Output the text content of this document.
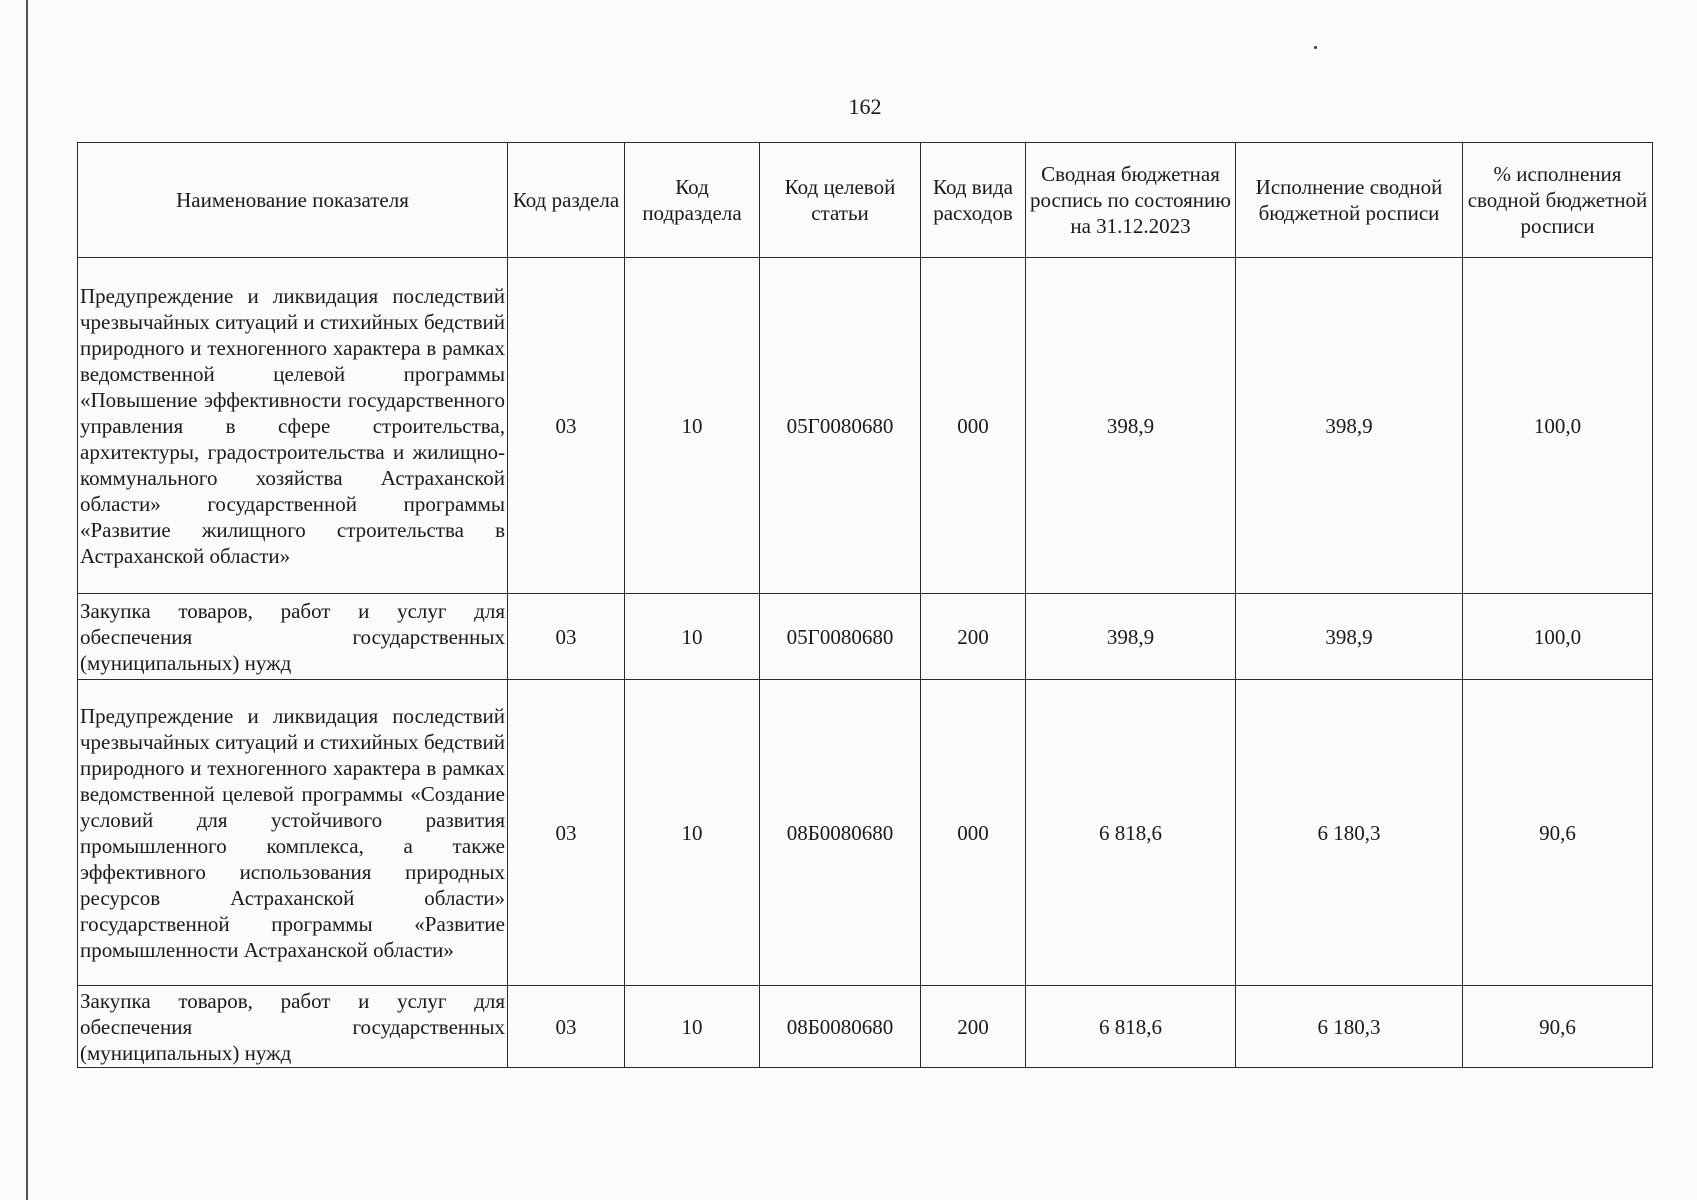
162
Наименование показателя	Код раздела	Код подраздела	Код целевой статьи	Код вида расходов	Сводная бюджетная роспись по состоянию на 31.12.2023	Исполнение сводной бюджетной росписи	% исполнения сводной бюджетной росписи
Предупреждение и ликвидация последствий чрезвычайных ситуаций и стихийных бедствий природного и техногенного характера в рамках ведомственной целевой программы «Повышение эффективности государственного управления в сфере строительства, архитектуры, градостроительства и жилищно-коммунального хозяйства Астраханской области» государственной программы «Развитие жилищного строительства в Астраханской области»	03	10	05Г0080680	000	398,9	398,9	100,0
Закупка товаров, работ и услуг для обеспечения государственных (муниципальных) нужд	03	10	05Г0080680	200	398,9	398,9	100,0
Предупреждение и ликвидация последствий чрезвычайных ситуаций и стихийных бедствий природного и техногенного характера в рамках ведомственной целевой программы «Создание условий для устойчивого развития промышленного комплекса, а также эффективного использования природных ресурсов Астраханской области» государственной программы «Развитие промышленности Астраханской области»	03	10	08Б0080680	000	6 818,6	6 180,3	90,6
Закупка товаров, работ и услуг для обеспечения государственных (муниципальных) нужд	03	10	08Б0080680	200	6 818,6	6 180,3	90,6
